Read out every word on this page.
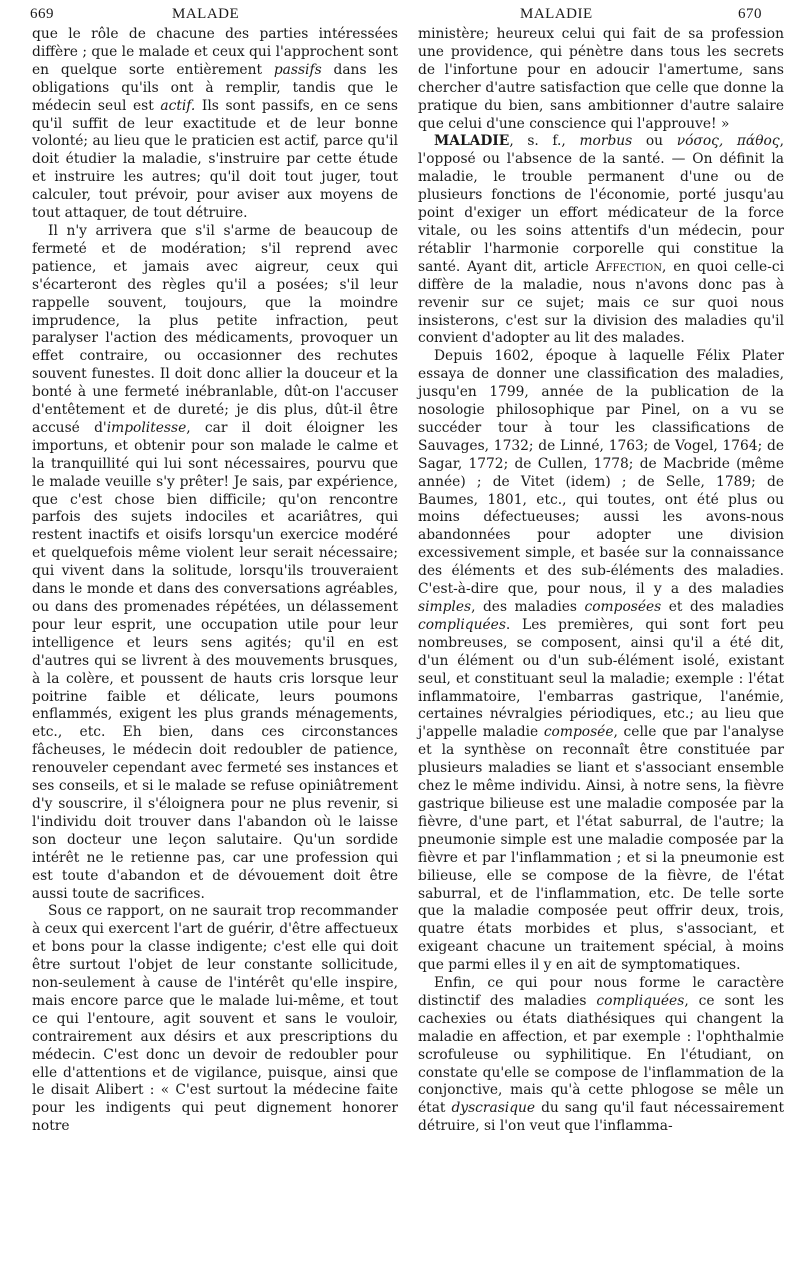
669	MALADE	MALADIE	670

que le rôle de chacune des parties intéressées diffère ; que le malade et ceux qui l'approchent sont en quelque sorte entièrement passifs dans les obligations qu'ils ont à remplir, tandis que le médecin seul est actif. Ils sont passifs, en ce sens qu'il suffit de leur exactitude et de leur bonne volonté; au lieu que le praticien est actif, parce qu'il doit étudier la maladie, s'instruire par cette étude et instruire les autres; qu'il doit tout juger, tout calculer, tout prévoir, pour aviser aux moyens de tout attaquer, de tout détruire.

Il n'y arrivera que s'il s'arme de beaucoup de fermeté et de modération; s'il reprend avec patience, et jamais avec aigreur, ceux qui s'écarteront des règles qu'il a posées; s'il leur rappelle souvent, toujours, que la moindre imprudence, la plus petite infraction, peut paralyser l'action des médicaments, provoquer un effet contraire, ou occasionner des rechutes souvent funestes. Il doit donc allier la douceur et la bonté à une fermeté inébranlable, dût-on l'accuser d'entêtement et de dureté; je dis plus, dût-il être accusé d'impolitesse, car il doit éloigner les importuns, et obtenir pour son malade le calme et la tranquillité qui lui sont nécessaires, pourvu que le malade veuille s'y prêter! Je sais, par expérience, que c'est chose bien difficile; qu'on rencontre parfois des sujets indociles et acariâtres, qui restent inactifs et oisifs lorsqu'un exercice modéré et quelquefois même violent leur serait nécessaire; qui vivent dans la solitude, lorsqu'ils trouveraient dans le monde et dans des conversations agréables, ou dans des promenades répétées, un délassement pour leur esprit, une occupation utile pour leur intelligence et leurs sens agités; qu'il en est d'autres qui se livrent à des mouvements brusques, à la colère, et poussent de hauts cris lorsque leur poitrine faible et délicate, leurs poumons enflammés, exigent les plus grands ménagements, etc., etc. Eh bien, dans ces circonstances fâcheuses, le médecin doit redoubler de patience, renouveler cependant avec fermeté ses instances et ses conseils, et si le malade se refuse opiniâtrement d'y souscrire, il s'éloignera pour ne plus revenir, si l'individu doit trouver dans l'abandon où le laisse son docteur une leçon salutaire. Qu'un sordide intérêt ne le retienne pas, car une profession qui est toute d'abandon et de dévouement doit être aussi toute de sacrifices.

Sous ce rapport, on ne saurait trop recommander à ceux qui exercent l'art de guérir, d'être affectueux et bons pour la classe indigente; c'est elle qui doit être surtout l'objet de leur constante sollicitude, non-seulement à cause de l'intérêt qu'elle inspire, mais encore parce que le malade lui-même, et tout ce qui l'entoure, agit souvent et sans le vouloir, contrairement aux désirs et aux prescriptions du médecin. C'est donc un devoir de redoubler pour elle d'attentions et de vigilance, puisque, ainsi que le disait Alibert : « C'est surtout la médecine faite pour les indigents qui peut dignement honorer notre

ministère; heureux celui qui fait de sa profession une providence, qui pénètre dans tous les secrets de l'infortune pour en adoucir l'amertume, sans chercher d'autre satisfaction que celle que donne la pratique du bien, sans ambitionner d'autre salaire que celui d'une conscience qui l'approuve! »

MALADIE, s. f., morbus ou νόσος, πάθος, l'opposé ou l'absence de la santé. — On définit la maladie, le trouble permanent d'une ou de plusieurs fonctions de l'économie, porté jusqu'au point d'exiger un effort médicateur de la force vitale, ou les soins attentifs d'un médecin, pour rétablir l'harmonie corporelle qui constitue la santé. Ayant dit, article Affection, en quoi celle-ci diffère de la maladie, nous n'avons donc pas à revenir sur ce sujet; mais ce sur quoi nous insisterons, c'est sur la division des maladies qu'il convient d'adopter au lit des malades.

Depuis 1602, époque à laquelle Félix Plater essaya de donner une classification des maladies, jusqu'en 1799, année de la publication de la nosologie philosophique par Pinel, on a vu se succéder tour à tour les classifications de Sauvages, 1732; de Linné, 1763; de Vogel, 1764; de Sagar, 1772; de Cullen, 1778; de Macbride (même année) ; de Vitet (idem) ; de Selle, 1789; de Baumes, 1801, etc., qui toutes, ont été plus ou moins défectueuses; aussi les avons-nous abandonnées pour adopter une division excessivement simple, et basée sur la connaissance des éléments et des sub-éléments des maladies. C'est-à-dire que, pour nous, il y a des maladies simples, des maladies composées et des maladies compliquées. Les premières, qui sont fort peu nombreuses, se composent, ainsi qu'il a été dit, d'un élément ou d'un sub-élément isolé, existant seul, et constituant seul la maladie; exemple : l'état inflammatoire, l'embarras gastrique, l'anémie, certaines névralgies périodiques, etc.; au lieu que j'appelle maladie composée, celle que par l'analyse et la synthèse on reconnaît être constituée par plusieurs maladies se liant et s'associant ensemble chez le même individu. Ainsi, à notre sens, la fièvre gastrique bilieuse est une maladie composée par la fièvre, d'une part, et l'état saburral, de l'autre; la pneumonie simple est une maladie composée par la fièvre et par l'inflammation ; et si la pneumonie est bilieuse, elle se compose de la fièvre, de l'état saburral, et de l'inflammation, etc. De telle sorte que la maladie composée peut offrir deux, trois, quatre états morbides et plus, s'associant, et exigeant chacune un traitement spécial, à moins que parmi elles il y en ait de symptomatiques.

Enfin, ce qui pour nous forme le caractère distinctif des maladies compliquées, ce sont les cachexies ou états diathésiques qui changent la maladie en affection, et par exemple : l'ophthalmie scrofuleuse ou syphilitique. En l'étudiant, on constate qu'elle se compose de l'inflammation de la conjonctive, mais qu'à cette phlogose se mêle un état dyscrasique du sang qu'il faut nécessairement détruire, si l'on veut que l'inflamma-
